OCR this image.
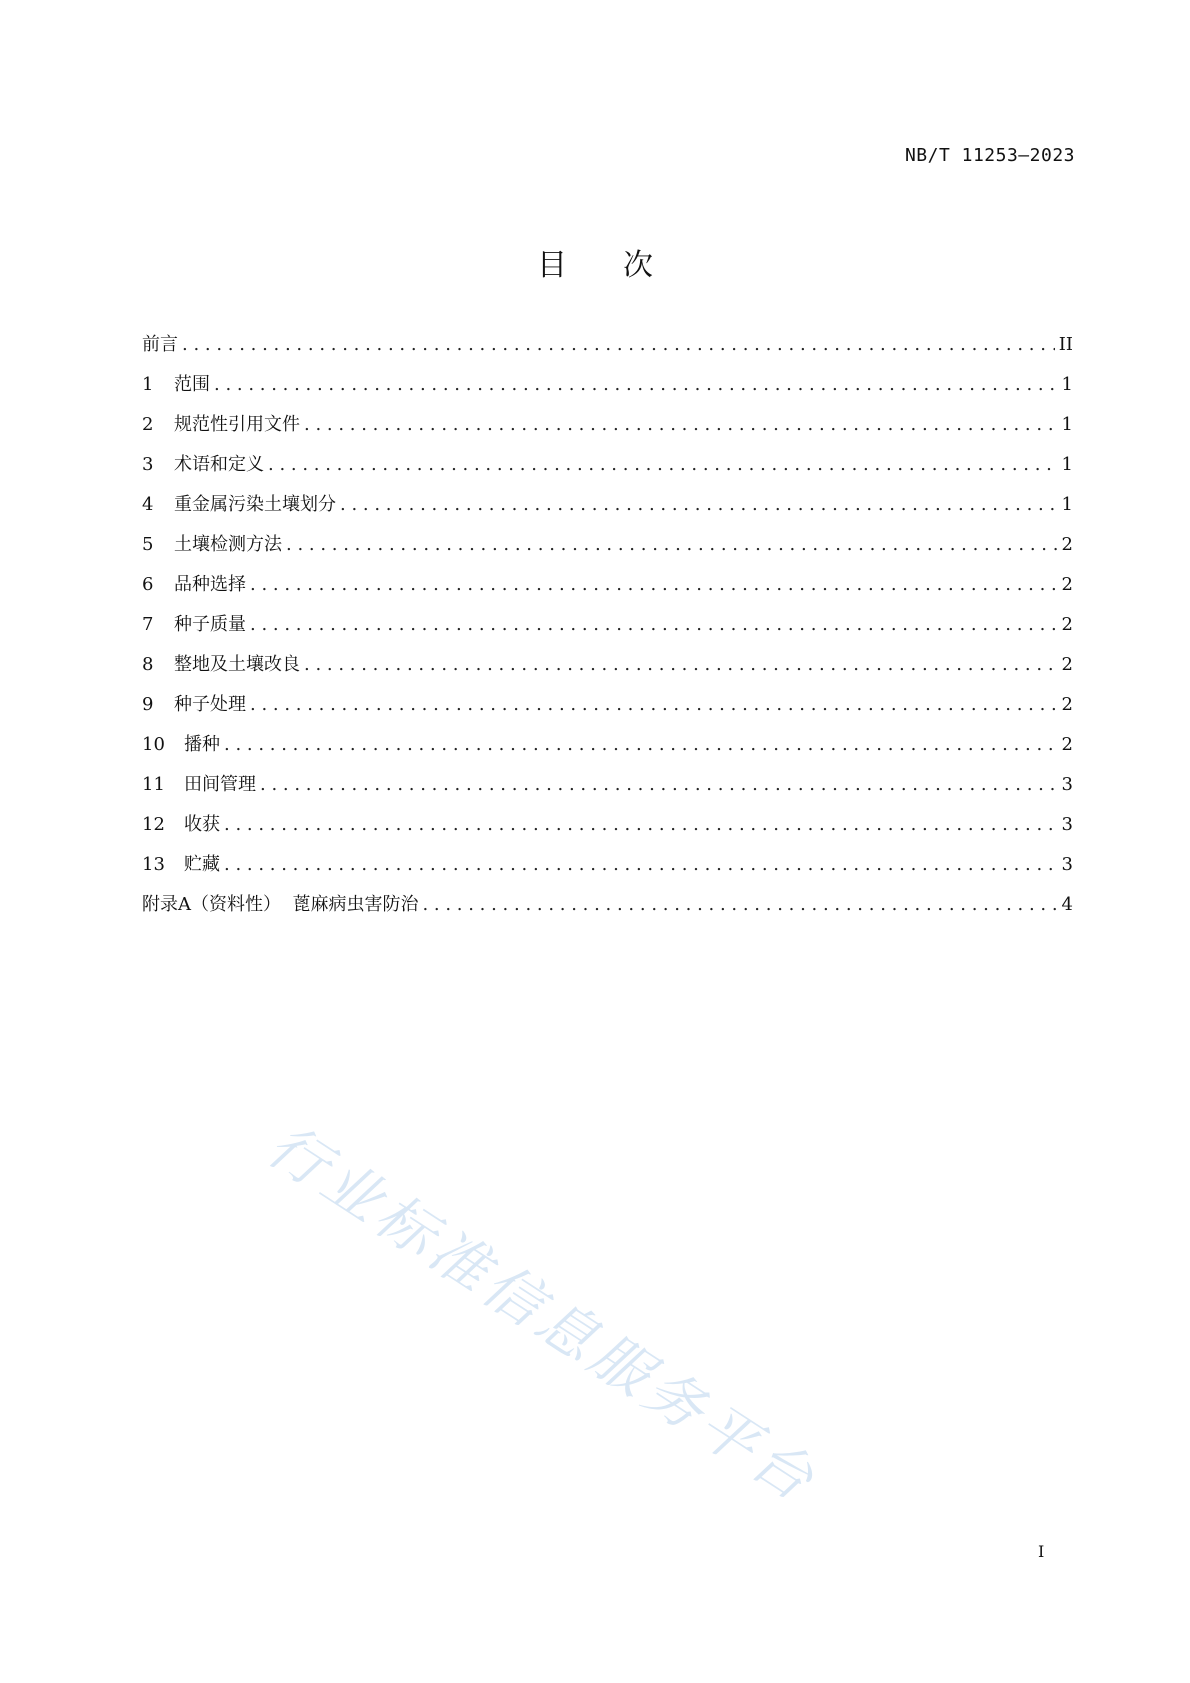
NB/T 11253—2023
目次
前言 . . .	II
1	范围 . . .	1
2	规范性引用文件 . . .	1
3	术语和定义 . . .	1
4	重金属污染土壤划分 . . .	1
5	土壤检测方法 . . .	2
6	品种选择 . . .	2
7	种子质量 . . .	2
8	整地及土壤改良 . . .	2
9	种子处理 . . .	2
10	播种 . . .	2
11	田间管理 . . .	3
12	收获 . . .	3
13	贮藏 . . .	3
附录A（资料性）  蓖麻病虫害防治 . . .	4
行业标准信息服务平台
I
